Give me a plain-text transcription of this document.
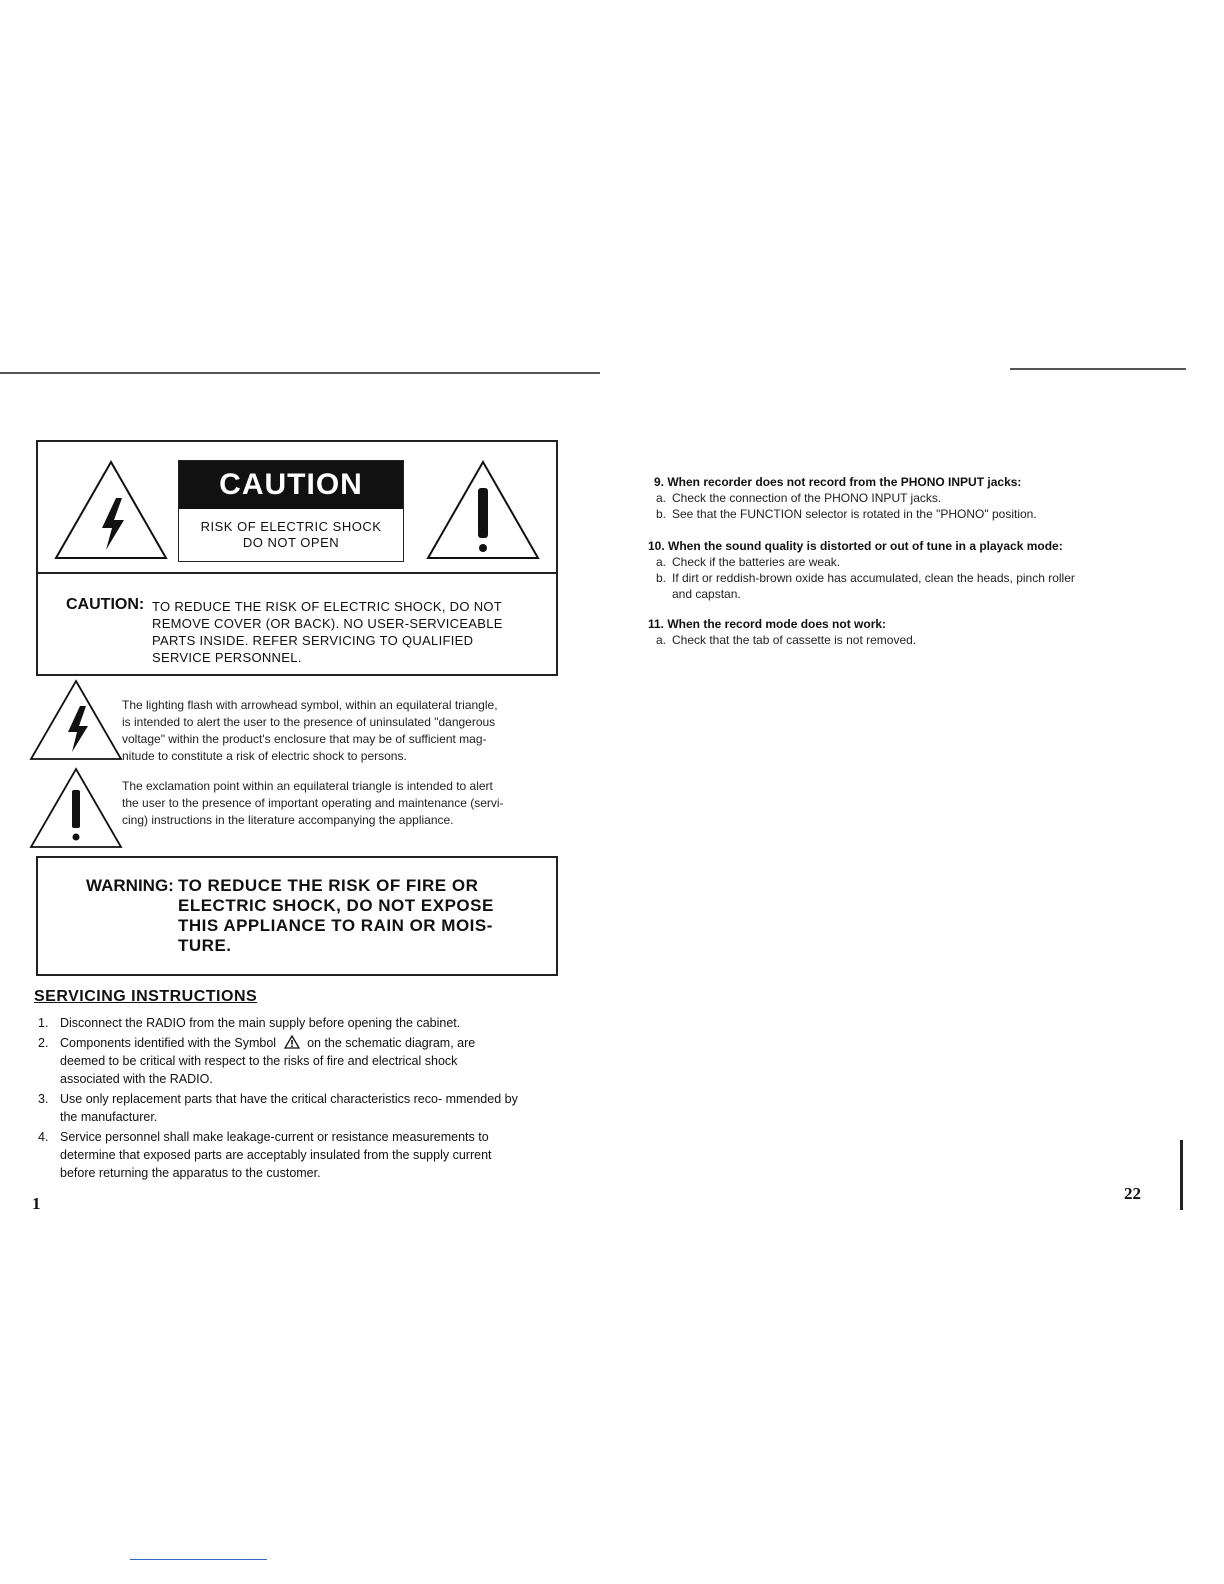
CAUTION
RISK OF ELECTRIC SHOCK
DO NOT OPEN
CAUTION: TO REDUCE THE RISK OF ELECTRIC SHOCK, DO NOT REMOVE COVER (OR BACK). NO USER-SERVICEABLE PARTS INSIDE. REFER SERVICING TO QUALIFIED SERVICE PERSONNEL.
The lighting flash with arrowhead symbol, within an equilateral triangle,
is intended to alert the user to the presence of uninsulated "dangerous
voltage" within the product's enclosure that may be of sufficient mag-
nitude to constitute a risk of electric shock to persons.
The exclamation point within an equilateral triangle is intended to alert
the user to the presence of important operating and maintenance (servi-
cing) instructions in the literature accompanying the appliance.
WARNING: TO REDUCE THE RISK OF FIRE OR ELECTRIC SHOCK, DO NOT EXPOSE THIS APPLIANCE TO RAIN OR MOIS- TURE.
SERVICING INSTRUCTIONS
1. Disconnect the RADIO from the main supply before opening the cabinet.
2. Components identified with the Symbol on the schematic diagram, are deemed to be critical with respect to the risks of fire and electrical shock associated with the RADIO.
3. Use only replacement parts that have the critical characteristics reco- mmended by the manufacturer.
4. Service personnel shall make leakage-current or resistance measurements to determine that exposed parts are acceptably insulated from the supply current before returning the apparatus to the customer.
1
9. When recorder does not record from the PHONO INPUT jacks:
a. Check the connection of the PHONO INPUT jacks.
b. See that the FUNCTION selector is rotated in the "PHONO" position.
10. When the sound quality is distorted or out of tune in a playack mode:
a. Check if the batteries are weak.
b. If dirt or reddish-brown oxide has accumulated, clean the heads, pinch roller
and capstan.
11. When the record mode does not work:
a. Check that the tab of cassette is not removed.
22
